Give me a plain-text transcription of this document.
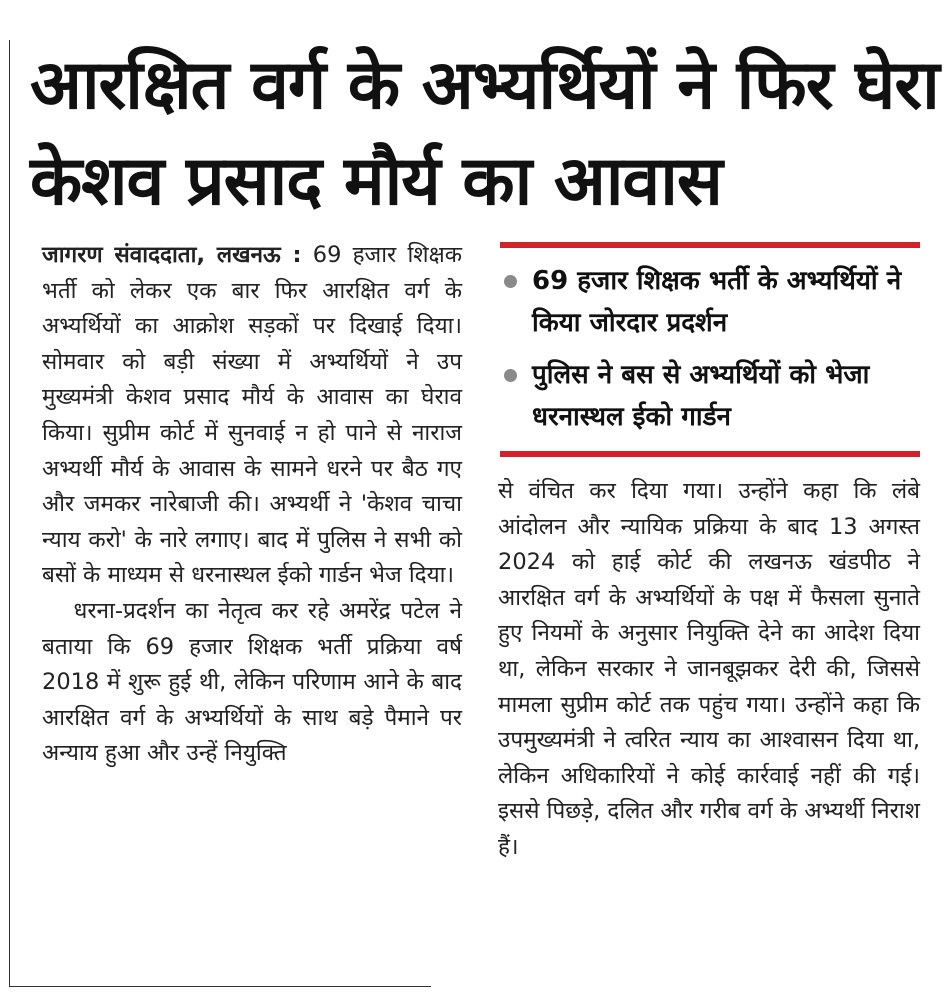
आरक्षित वर्ग के अभ्यर्थियों ने फिर घेरा केशव प्रसाद मौर्य का आवास

जागरण संवाददाता, लखनऊ : 69 हजार शिक्षक भर्ती को लेकर एक बार फिर आरक्षित वर्ग के अभ्यर्थियों का आक्रोश सड़कों पर दिखाई दिया। सोमवार को बड़ी संख्या में अभ्यर्थियों ने उप मुख्यमंत्री केशव प्रसाद मौर्य के आवास का घेराव किया। सुप्रीम कोर्ट में सुनवाई न हो पाने से नाराज अभ्यर्थी मौर्य के आवास के सामने धरने पर बैठ गए और जमकर नारेबाजी की। अभ्यर्थी ने 'केशव चाचा न्याय करो' के नारे लगाए। बाद में पुलिस ने सभी को बसों के माध्यम से धरनास्थल ईको गार्डन भेज दिया।

धरना-प्रदर्शन का नेतृत्व कर रहे अमरेंद्र पटेल ने बताया कि 69 हजार शिक्षक भर्ती प्रक्रिया वर्ष 2018 में शुरू हुई थी, लेकिन परिणाम आने के बाद आरक्षित वर्ग के अभ्यर्थियों के साथ बड़े पैमाने पर अन्याय हुआ और उन्हें नियुक्ति

69 हजार शिक्षक भर्ती के अभ्यर्थियों ने किया जोरदार प्रदर्शन
पुलिस ने बस से अभ्यर्थियों को भेजा धरनास्थल ईको गार्डन

से वंचित कर दिया गया। उन्होंने कहा कि लंबे आंदोलन और न्यायिक प्रक्रिया के बाद 13 अगस्त 2024 को हाई कोर्ट की लखनऊ खंडपीठ ने आरक्षित वर्ग के अभ्यर्थियों के पक्ष में फैसला सुनाते हुए नियमों के अनुसार नियुक्ति देने का आदेश दिया था, लेकिन सरकार ने जानबूझकर देरी की, जिससे मामला सुप्रीम कोर्ट तक पहुंच गया। उन्होंने कहा कि उपमुख्यमंत्री ने त्वरित न्याय का आश्वासन दिया था, लेकिन अधिकारियों ने कोई कार्रवाई नहीं की गई। इससे पिछड़े, दलित और गरीब वर्ग के अभ्यर्थी निराश हैं।
